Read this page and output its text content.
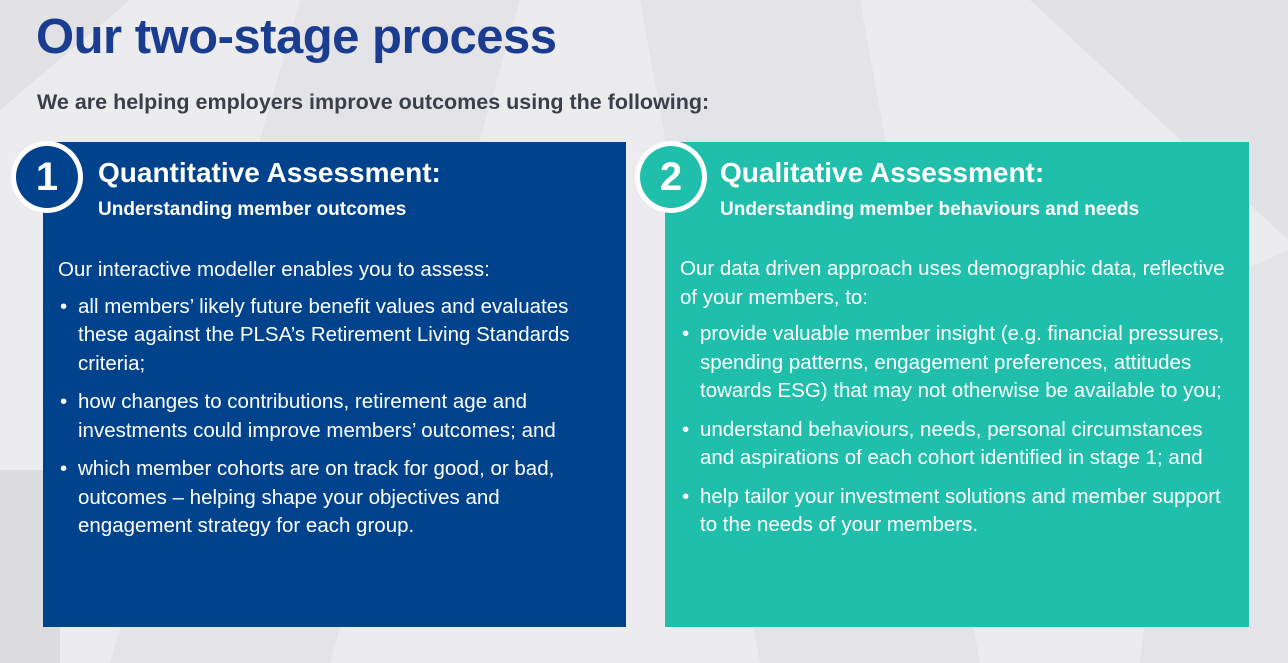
Our two-stage process

We are helping employers improve outcomes using the following:

Quantitative Assessment:
Understanding member outcomes

Our interactive modeller enables you to assess:

• all members’ likely future benefit values and evaluates these against the PLSA’s Retirement Living Standards criteria;
• how changes to contributions, retirement age and investments could improve members’ outcomes; and
• which member cohorts are on track for good, or bad, outcomes – helping shape your objectives and engagement strategy for each group.
Qualitative Assessment:
Understanding member behaviours and needs

Our data driven approach uses demographic data, reflective of your members, to:

• provide valuable member insight (e.g. financial pressures, spending patterns, engagement preferences, attitudes towards ESG) that may not otherwise be available to you;
• understand behaviours, needs, personal circumstances and aspirations of each cohort identified in stage 1; and
• help tailor your investment solutions and member support to the needs of your members.
1	2
